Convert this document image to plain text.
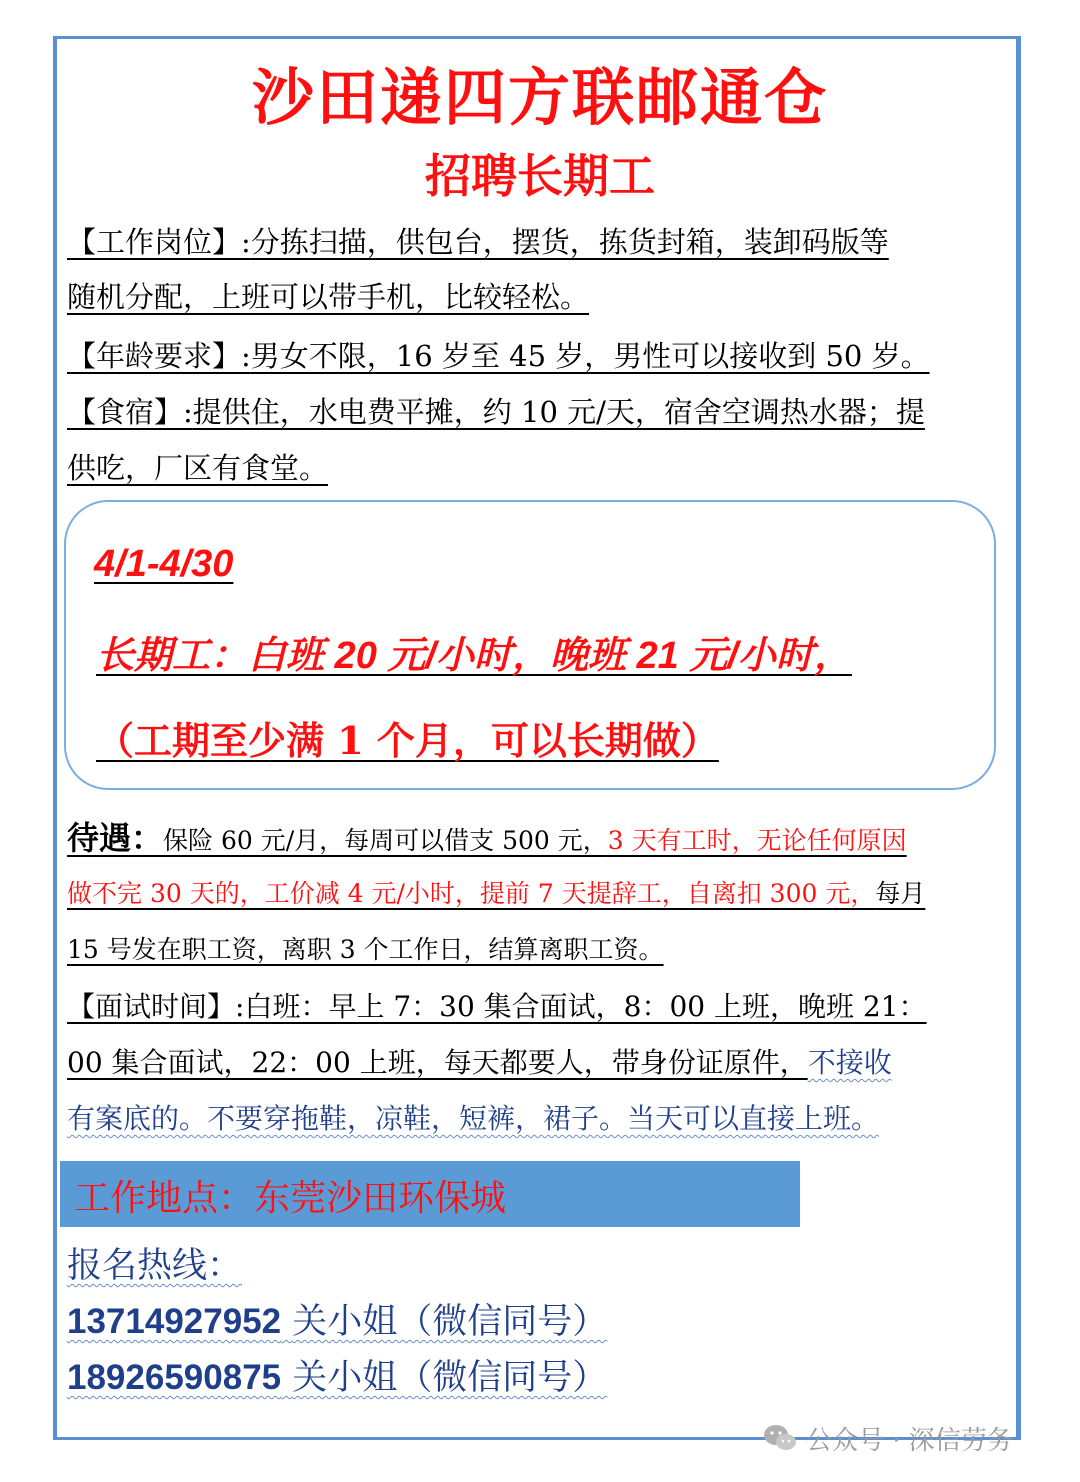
沙田递四方联邮通仓
招聘长期工
【工作岗位】:分拣扫描，供包台，摆货，拣货封箱，装卸码版等
随机分配，上班可以带手机，比较轻松。
【年龄要求】:男女不限，16 岁至 45 岁，男性可以接收到 50 岁。
【食宿】:提供住，水电费平摊，约 10 元/天，宿舍空调热水器；提
供吃，厂区有食堂。
4/1-4/30
长期工：白班 20 元/小时，晚班 21 元/小时，
（工期至少满 1 个月，可以长期做）
待遇：保险 60 元/月，每周可以借支 500 元，3 天有工时，无论任何原因
做不完 30 天的，工价减 4 元/小时，提前 7 天提辞工，自离扣 300 元，每月
15 号发在职工资，离职 3 个工作日，结算离职工资。
【面试时间】:白班：早上 7：30 集合面试，8：00 上班，晚班 21：
00 集合面试，22：00 上班，每天都要人，带身份证原件，不接收
有案底的。不要穿拖鞋，凉鞋，短裤，裙子。当天可以直接上班。
工作地点：东莞沙田环保城
报名热线：
13714927952 关小姐（微信同号）
18926590875 关小姐（微信同号）
公众号 · 深信劳务
